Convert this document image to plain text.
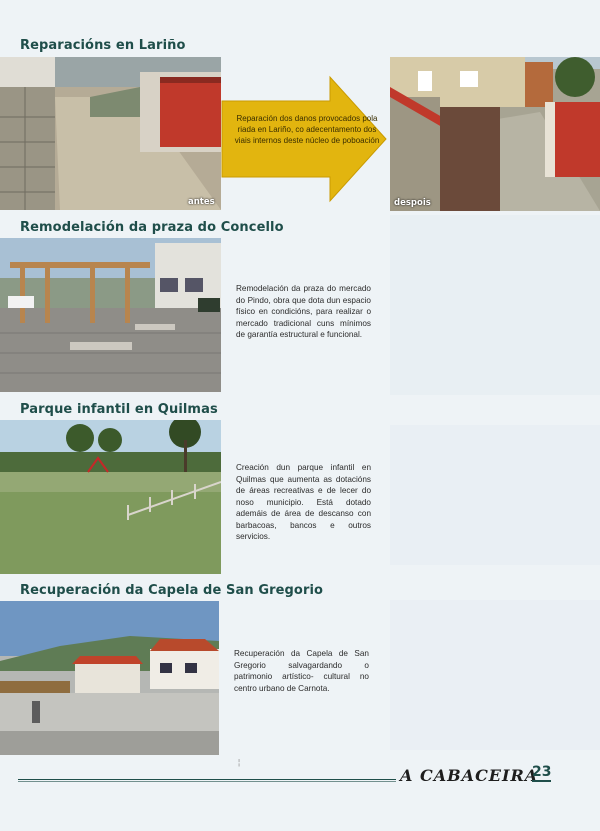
Reparacións en Lariño
antes
Reparación dos danos provocados pola riada en Lariño, co adecentamento dos viais internos deste núcleo de poboación
despois
Remodelación da praza do Concello
Remodelación da praza do mercado do Pindo, obra que dota dun espacio físico en condicións, para realizar o mercado tradicional cuns mínimos de garantía estructural e funcional.
Parque infantil en Quilmas
Creación dun parque infantil en Quilmas que aumenta as dotacións de áreas recreativas e de lecer do noso municipio. Está dotado ademáis de área de descanso con barbacoas, bancos e outros servicios.
Recuperación da Capela de San Gregorio
Recuperación da Capela de San Gregorio salvagardando o patrimonio artístico- cultural no centro urbano de Carnota.
¦
A CABACEIRA
23
